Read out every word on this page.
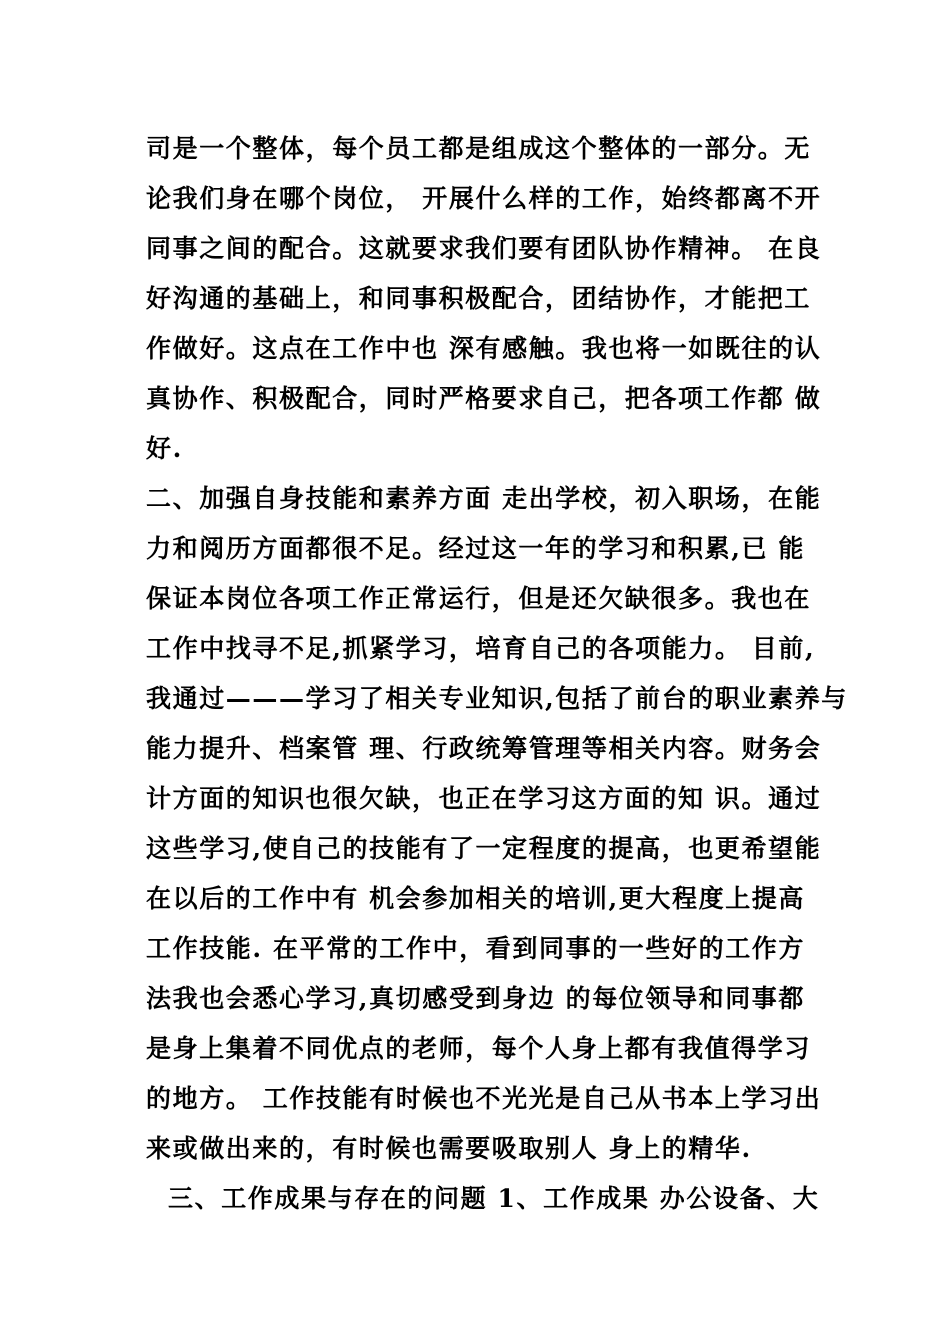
司是一个整体，每个员工都是组成这个整体的一部分。无
论我们身在哪个岗位， 开展什么样的工作，始终都离不开
同事之间的配合。这就要求我们要有团队协作精神。 在良
好沟通的基础上，和同事积极配合，团结协作，才能把工
作做好。这点在工作中也 深有感触。我也将一如既往的认
真协作、积极配合，同时严格要求自己，把各项工作都 做
好.
二、加强自身技能和素养方面 走出学校，初入职场，在能
力和阅历方面都很不足。经过这一年的学习和积累,已 能
保证本岗位各项工作正常运行，但是还欠缺很多。我也在
工作中找寻不足,抓紧学习，培育自己的各项能力。 目前,
我通过———学习了相关专业知识,包括了前台的职业素养与
能力提升、档案管 理、行政统筹管理等相关内容。财务会
计方面的知识也很欠缺，也正在学习这方面的知 识。通过
这些学习,使自己的技能有了一定程度的提高，也更希望能
在以后的工作中有 机会参加相关的培训,更大程度上提高
工作技能. 在平常的工作中，看到同事的一些好的工作方
法我也会悉心学习,真切感受到身边 的每位领导和同事都
是身上集着不同优点的老师，每个人身上都有我值得学习
的地方。 工作技能有时候也不光光是自己从书本上学习出
来或做出来的，有时候也需要吸取别人 身上的精华.
三、工作成果与存在的问题 1、工作成果 办公设备、大
